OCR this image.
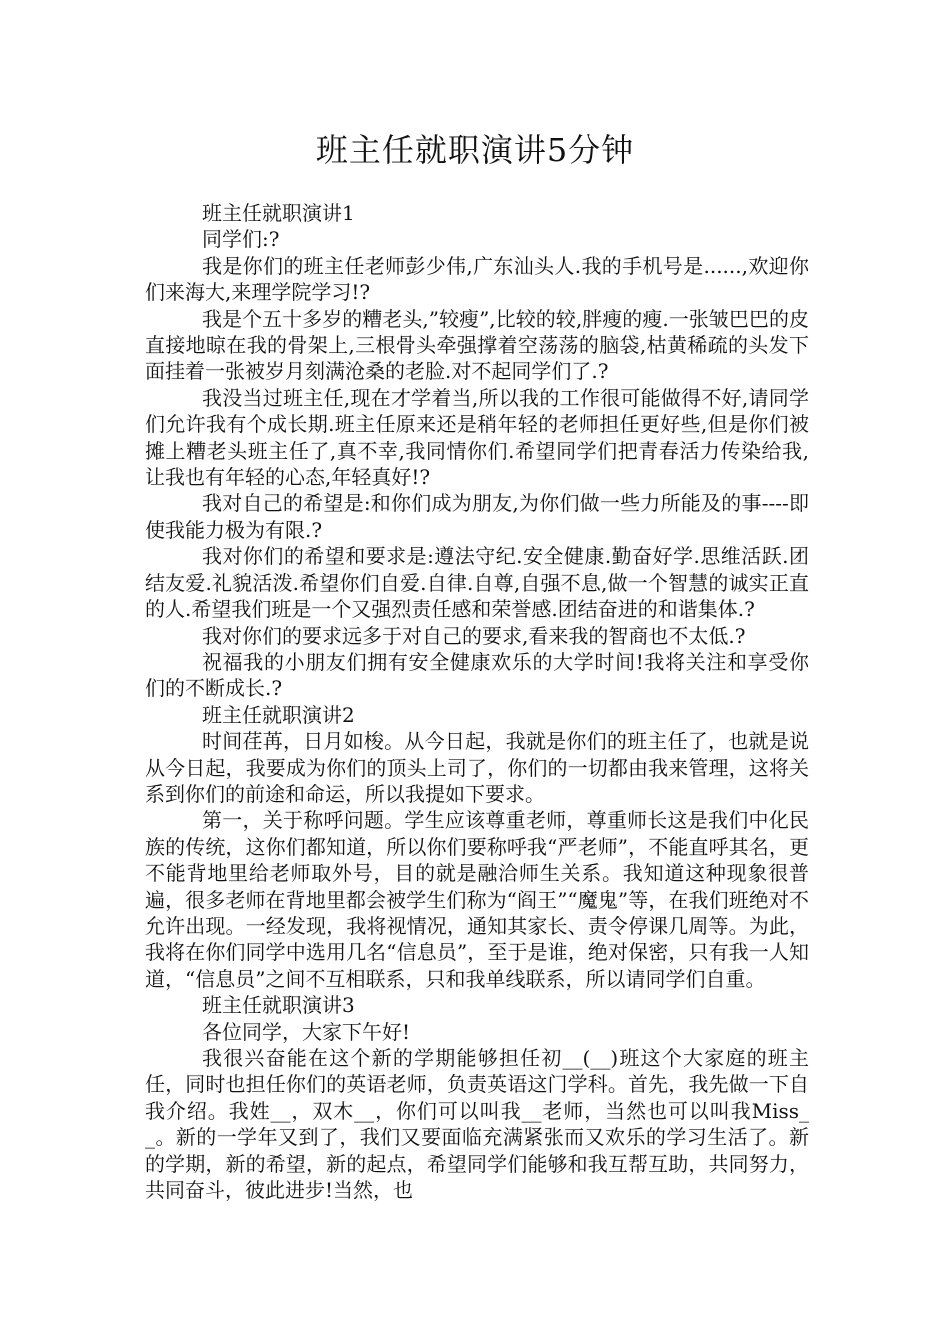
班主任就职演讲5分钟

班主任就职演讲1

同学们:?

我是你们的班主任老师彭少伟,广东汕头人.我的手机号是......,欢迎你们来海大,来理学院学习!?

我是个五十多岁的糟老头,”较瘦”,比较的较,胖瘦的瘦.一张皱巴巴的皮直接地晾在我的骨架上,三根骨头牵强撑着空荡荡的脑袋,枯黄稀疏的头发下面挂着一张被岁月刻满沧桑的老脸.对不起同学们了.?

我没当过班主任,现在才学着当,所以我的工作很可能做得不好,请同学们允许我有个成长期.班主任原来还是稍年轻的老师担任更好些,但是你们被摊上糟老头班主任了,真不幸,我同情你们.希望同学们把青春活力传染给我,让我也有年轻的心态,年轻真好!?

我对自己的希望是:和你们成为朋友,为你们做一些力所能及的事----即使我能力极为有限.?

我对你们的希望和要求是:遵法守纪.安全健康.勤奋好学.思维活跃.团结友爱.礼貌活泼.希望你们自爱.自律.自尊,自强不息,做一个智慧的诚实正直的人.希望我们班是一个又强烈责任感和荣誉感.团结奋进的和谐集体.?

我对你们的要求远多于对自己的要求,看来我的智商也不太低.?

祝福我的小朋友们拥有安全健康欢乐的大学时间!我将关注和享受你们的不断成长.?

班主任就职演讲2

时间荏苒，日月如梭。从今日起，我就是你们的班主任了，也就是说从今日起，我要成为你们的顶头上司了，你们的一切都由我来管理，这将关系到你们的前途和命运，所以我提如下要求。

第一，关于称呼问题。学生应该尊重老师，尊重师长这是我们中化民族的传统，这你们都知道，所以你们要称呼我“严老师”，不能直呼其名，更不能背地里给老师取外号，目的就是融洽师生关系。我知道这种现象很普遍，很多老师在背地里都会被学生们称为“阎王”“魔鬼”等，在我们班绝对不允许出现。一经发现，我将视情况，通知其家长、责令停课几周等。为此，我将在你们同学中选用几名“信息员”，至于是谁，绝对保密，只有我一人知道，“信息员”之间不互相联系，只和我单线联系，所以请同学们自重。

班主任就职演讲3

各位同学，大家下午好!

我很兴奋能在这个新的学期能够担任初__(__)班这个大家庭的班主任，同时也担任你们的英语老师，负责英语这门学科。首先，我先做一下自我介绍。我姓__，双木__，你们可以叫我__老师，当然也可以叫我Miss__。新的一学年又到了，我们又要面临充满紧张而又欢乐的学习生活了。新的学期，新的希望，新的起点，希望同学们能够和我互帮互助，共同努力，共同奋斗，彼此进步!当然，也
